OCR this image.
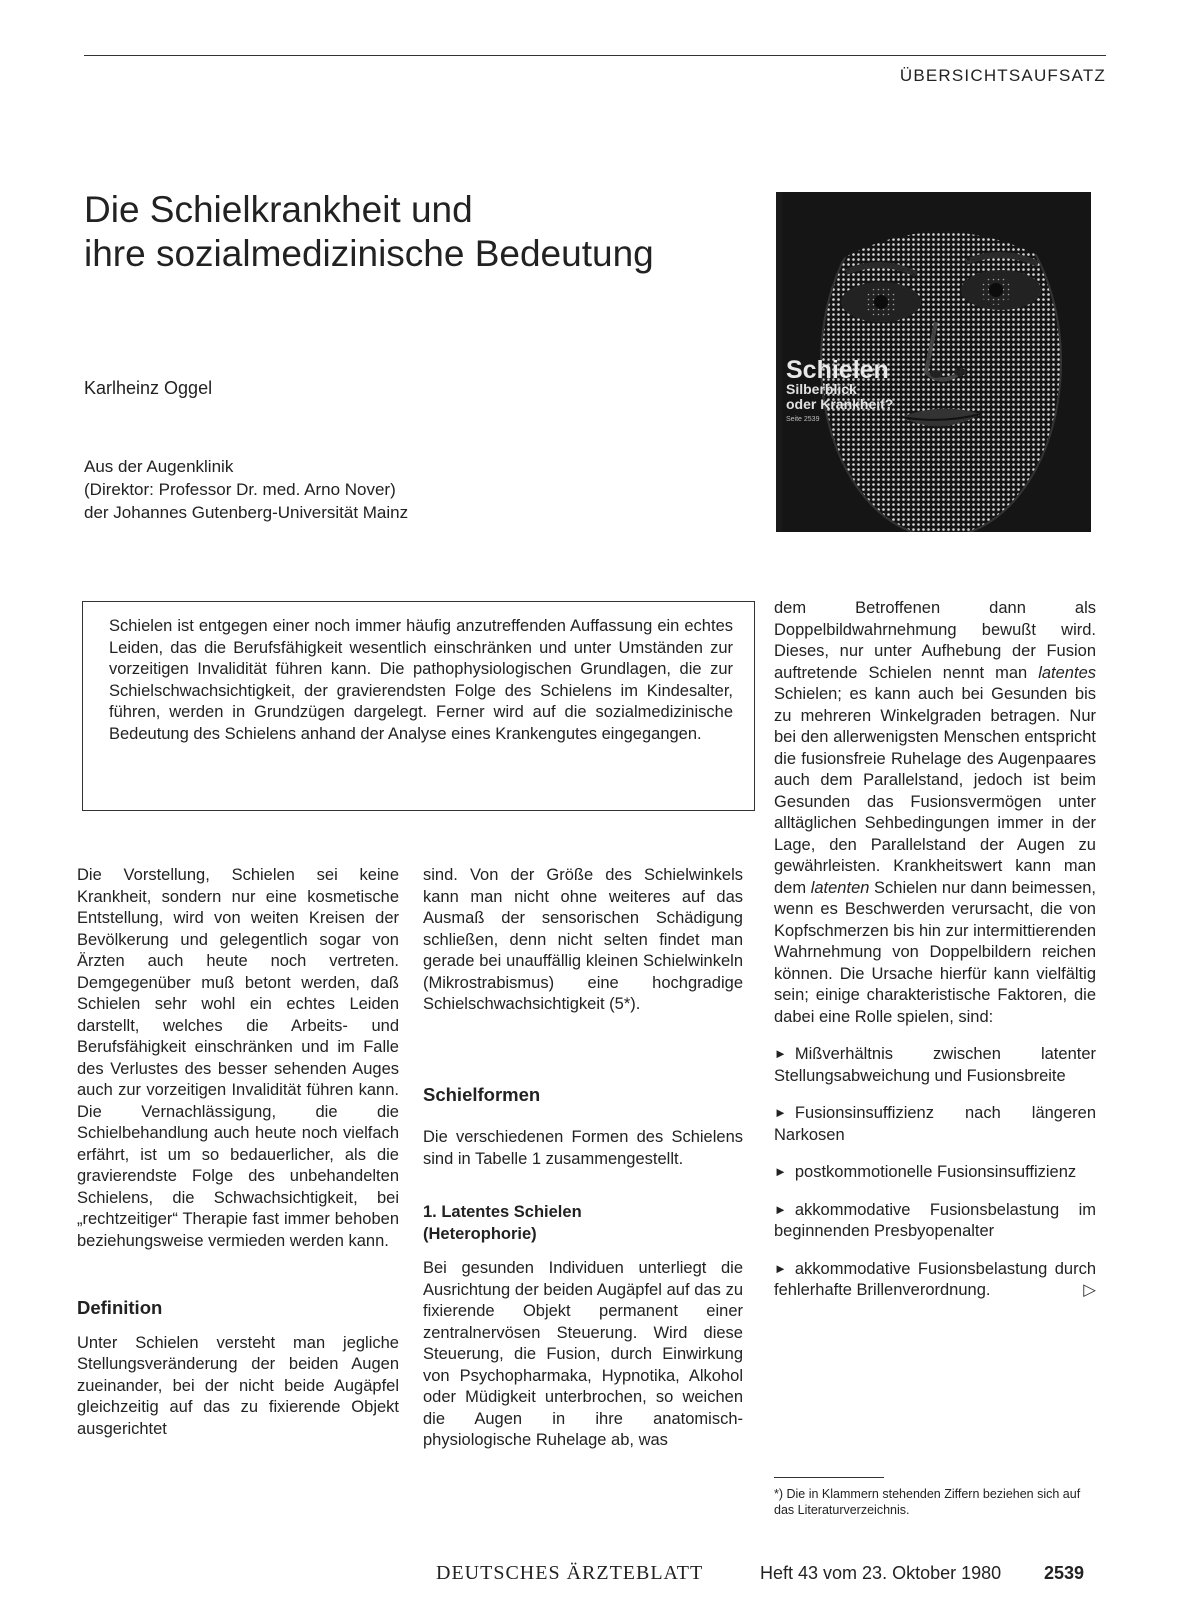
ÜBERSICHTSAUFSATZ
Die Schielkrankheit und
ihre sozialmedizinische Bedeutung
Karlheinz Oggel
Aus der Augenklinik
(Direktor: Professor Dr. med. Arno Nover)
der Johannes Gutenberg-Universität Mainz
Schielen
Silberblick
oder Krankheit?
Seite 2539

Schielen ist entgegen einer noch immer häufig anzutreffenden Auffassung ein echtes Leiden, das die Berufsfähigkeit wesentlich einschränken und unter Umständen zur vorzeitigen Invalidität führen kann. Die pathophysiologischen Grundlagen, die zur Schielschwachsichtigkeit, der gravierendsten Folge des Schielens im Kindesalter, führen, werden in Grundzügen dargelegt. Ferner wird auf die sozialmedizinische Bedeutung des Schielens anhand der Analyse eines Krankengutes eingegangen.

Die Vorstellung, Schielen sei keine Krankheit, sondern nur eine kosmetische Entstellung, wird von weiten Kreisen der Bevölkerung und gelegentlich sogar von Ärzten auch heute noch vertreten. Demgegenüber muß betont werden, daß Schielen sehr wohl ein echtes Leiden darstellt, welches die Arbeits- und Berufsfähigkeit einschränken und im Falle des Verlustes des besser sehenden Auges auch zur vorzeitigen Invalidität führen kann. Die Vernachlässigung, die die Schielbehandlung auch heute noch vielfach erfährt, ist um so bedauerlicher, als die gravierendste Folge des unbehandelten Schielens, die Schwachsichtigkeit, bei „rechtzeitiger“ Therapie fast immer behoben beziehungsweise vermieden werden kann.

Definition

Unter Schielen versteht man jegliche Stellungsveränderung der beiden Augen zueinander, bei der nicht beide Augäpfel gleichzeitig auf das zu fixierende Objekt ausgerichtet

sind. Von der Größe des Schielwinkels kann man nicht ohne weiteres auf das Ausmaß der sensorischen Schädigung schließen, denn nicht selten findet man gerade bei unauffällig kleinen Schielwinkeln (Mikrostrabismus) eine hochgradige Schielschwachsichtigkeit (5*).

Schielformen

Die verschiedenen Formen des Schielens sind in Tabelle 1 zusammengestellt.

1. Latentes Schielen
(Heterophorie)

Bei gesunden Individuen unterliegt die Ausrichtung der beiden Augäpfel auf das zu fixierende Objekt permanent einer zentralnervösen Steuerung. Wird diese Steuerung, die Fusion, durch Einwirkung von Psychopharmaka, Hypnotika, Alkohol oder Müdigkeit unterbrochen, so weichen die Augen in ihre anatomisch-physiologische Ruhelage ab, was

dem Betroffenen dann als Doppelbildwahrnehmung bewußt wird. Dieses, nur unter Aufhebung der Fusion auftretende Schielen nennt man latentes Schielen; es kann auch bei Gesunden bis zu mehreren Winkelgraden betragen. Nur bei den allerwenigsten Menschen entspricht die fusionsfreie Ruhelage des Augenpaares auch dem Parallelstand, jedoch ist beim Gesunden das Fusionsvermögen unter alltäglichen Sehbedingungen immer in der Lage, den Parallelstand der Augen zu gewährleisten. Krankheitswert kann man dem latenten Schielen nur dann beimessen, wenn es Beschwerden verursacht, die von Kopfschmerzen bis hin zur intermittierenden Wahrnehmung von Doppelbildern reichen können. Die Ursache hierfür kann vielfältig sein; einige charakteristische Faktoren, die dabei eine Rolle spielen, sind:

► Mißverhältnis zwischen latenter Stellungsabweichung und Fusionsbreite
► Fusionsinsuffizienz nach längeren Narkosen
► postkommotionelle Fusionsinsuffizienz
► akkommodative Fusionsbelastung im beginnenden Presbyopenalter
► akkommodative Fusionsbelastung durch fehlerhafte Brillenverordnung.	▷
*) Die in Klammern stehenden Ziffern beziehen sich auf das Literaturverzeichnis.
DEUTSCHES ÄRZTEBLATT	Heft 43 vom 23. Oktober 1980 2539
